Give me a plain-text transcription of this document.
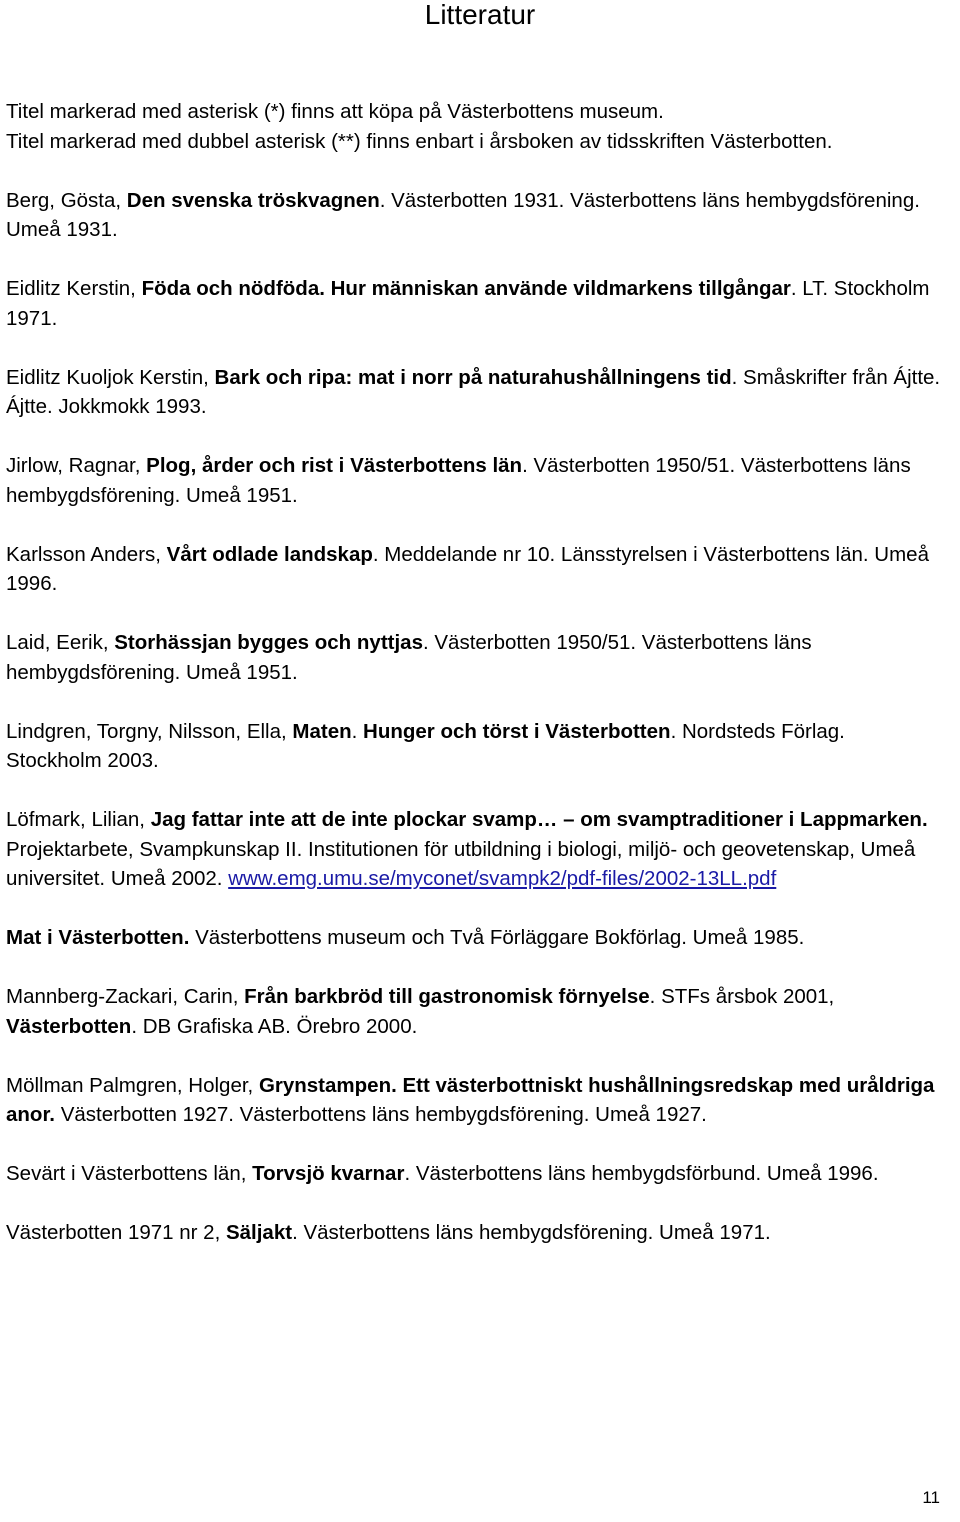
Litteratur
Titel markerad med asterisk (*) finns att köpa på Västerbottens museum.
Titel markerad med dubbel asterisk (**) finns enbart i årsboken av tidsskriften Västerbotten.

Berg, Gösta, Den svenska tröskvagnen. Västerbotten 1931. Västerbottens läns hembygdsförening. Umeå 1931.

Eidlitz Kerstin, Föda och nödföda. Hur människan använde vildmarkens tillgångar. LT. Stockholm 1971.

Eidlitz Kuoljok Kerstin, Bark och ripa: mat i norr på naturahushållningens tid. Småskrifter från Ájtte. Ájtte. Jokkmokk 1993.

Jirlow, Ragnar, Plog, årder och rist i Västerbottens län. Västerbotten 1950/51. Västerbottens läns hembygdsförening. Umeå 1951.

Karlsson Anders, Vårt odlade landskap. Meddelande nr 10. Länsstyrelsen i Västerbottens län. Umeå 1996.

Laid, Eerik, Storhässjan bygges och nyttjas. Västerbotten 1950/51. Västerbottens läns hembygdsförening. Umeå 1951.

Lindgren, Torgny, Nilsson, Ella, Maten. Hunger och törst i Västerbotten. Nordsteds Förlag. Stockholm 2003.

Löfmark, Lilian, Jag fattar inte att de inte plockar svamp… – om svamptraditioner i Lappmarken. Projektarbete, Svampkunskap II. Institutionen för utbildning i biologi, miljö- och geovetenskap, Umeå universitet. Umeå 2002. www.emg.umu.se/myconet/svampk2/pdf-files/2002-13LL.pdf

Mat i Västerbotten. Västerbottens museum och Två Förläggare Bokförlag. Umeå 1985.

Mannberg-Zackari, Carin, Från barkbröd till gastronomisk förnyelse. STFs årsbok 2001, Västerbotten. DB Grafiska AB. Örebro 2000.

Möllman Palmgren, Holger, Grynstampen. Ett västerbottniskt hushållningsredskap med uråldriga anor. Västerbotten 1927. Västerbottens läns hembygdsförening. Umeå 1927.

Sevärt i Västerbottens län, Torvsjö kvarnar. Västerbottens läns hembygdsförbund. Umeå 1996.

Västerbotten 1971 nr 2, Säljakt. Västerbottens läns hembygdsförening. Umeå 1971.

11
